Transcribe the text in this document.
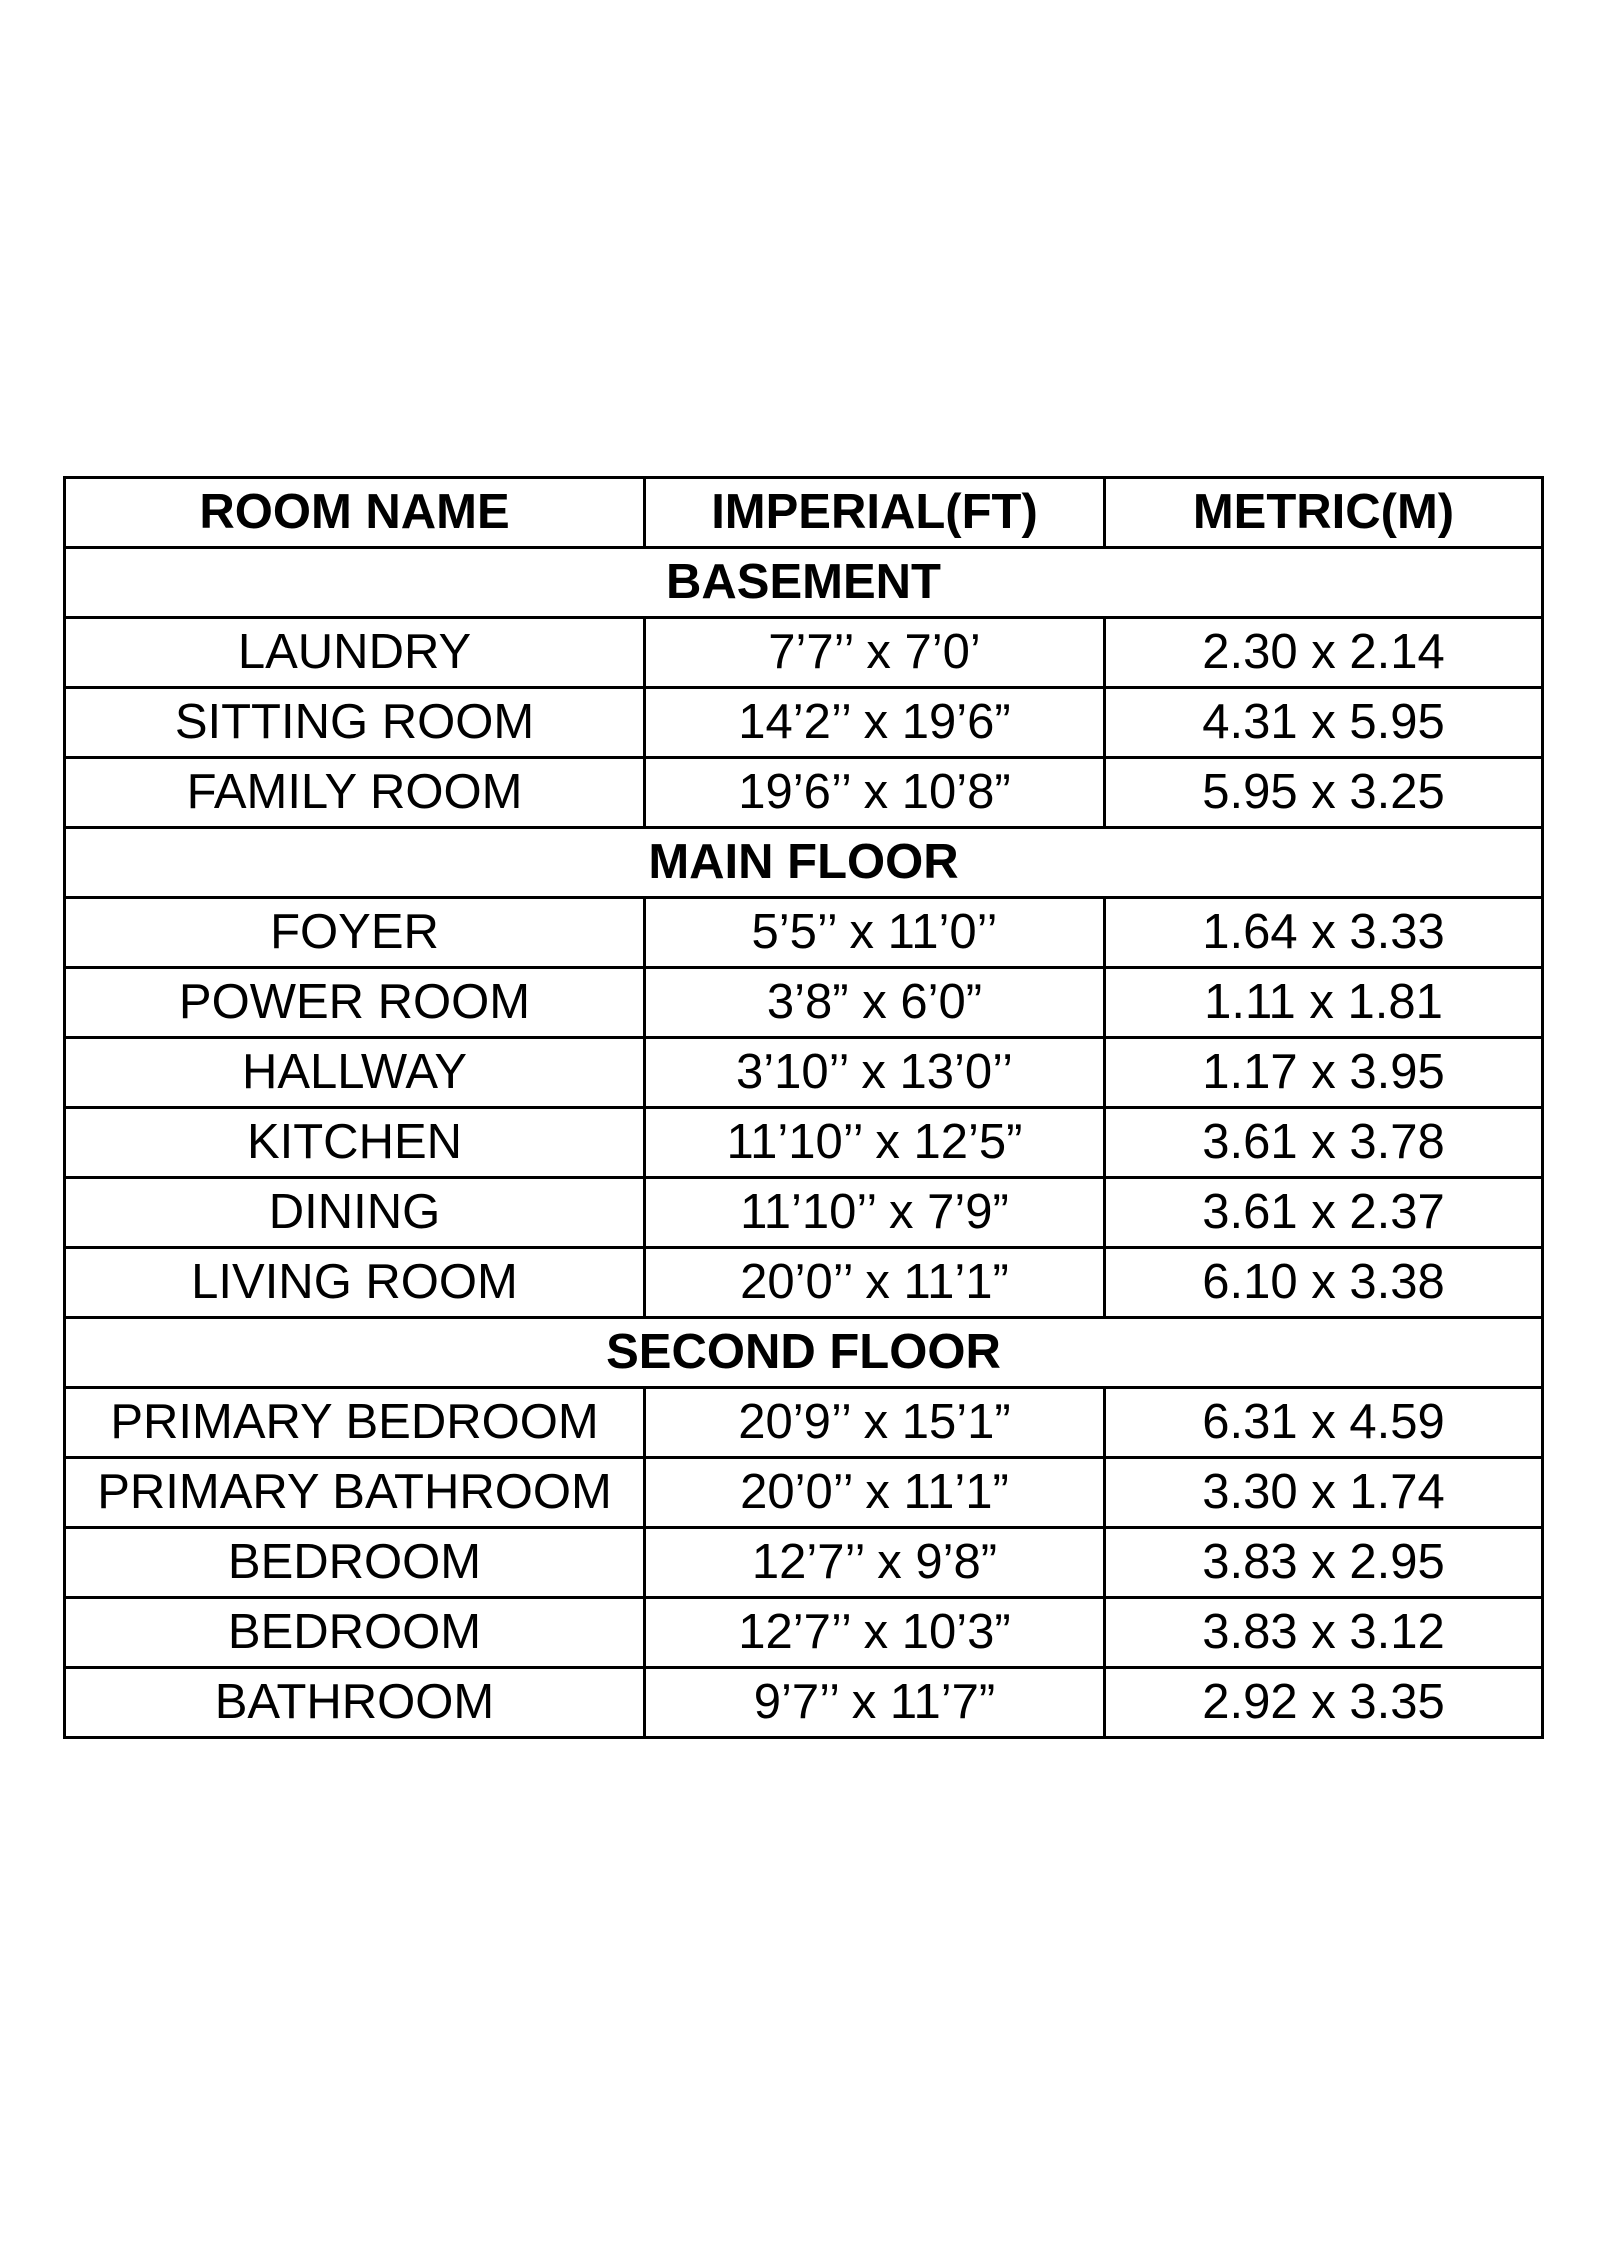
ROOM NAME	IMPERIAL(FT)	METRIC(M)
BASEMENT		
LAUNDRY	7’7’’ x 7’0’	2.30 x 2.14
SITTING ROOM	14’2’’ x 19’6”	4.31 x 5.95
FAMILY ROOM	19’6’’ x 10’8”	5.95 x 3.25
MAIN FLOOR		
FOYER	5’5’’ x 11’0’’	1.64 x 3.33
POWER ROOM	3’8” x 6’0”	1.11 x 1.81
HALLWAY	3’10’’ x 13’0’’	1.17 x 3.95
KITCHEN	11’10’’ x 12’5”	3.61 x 3.78
DINING	11’10’’ x 7’9”	3.61 x 2.37
LIVING ROOM	20’0’’ x 11’1”	6.10 x 3.38
SECOND FLOOR		
PRIMARY BEDROOM	20’9’’ x 15’1”	6.31 x 4.59
PRIMARY BATHROOM	20’0’’ x 11’1”	3.30 x 1.74
BEDROOM	12’7’’ x 9’8”	3.83 x 2.95
BEDROOM	12’7’’ x 10’3”	3.83 x 3.12
BATHROOM	9’7’’ x 11’7”	2.92 x 3.35
